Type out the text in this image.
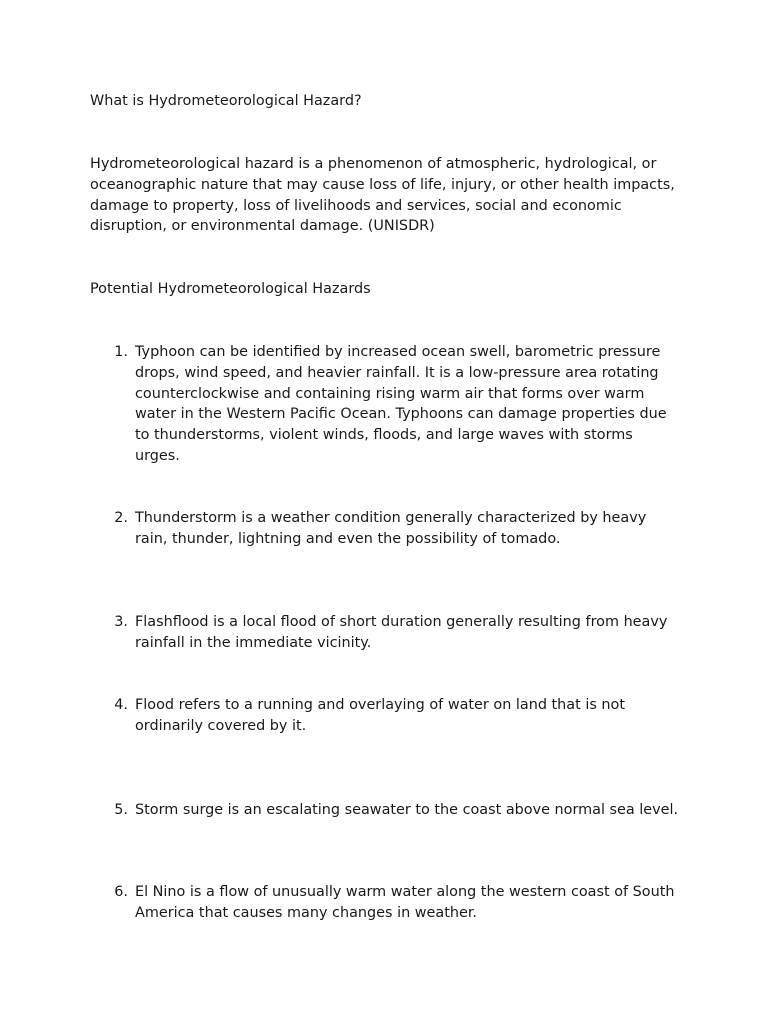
What is Hydrometeorological Hazard?

Hydrometeorological hazard is a phenomenon of atmospheric, hydrological, or oceanographic nature that may cause loss of life, injury, or other health impacts, damage to property, loss of livelihoods and services, social and economic disruption, or environmental damage. (UNISDR)

Potential Hydrometeorological Hazards

1. Typhoon can be identified by increased ocean swell, barometric pressure drops, wind speed, and heavier rainfall. It is a low-pressure area rotating counterclockwise and containing rising warm air that forms over warm water in the Western Pacific Ocean. Typhoons can damage properties due to thunderstorms, violent winds, floods, and large waves with storms urges.
2. Thunderstorm is a weather condition generally characterized by heavy rain, thunder, lightning and even the possibility of tomado.
3. Flashflood is a local flood of short duration generally resulting from heavy rainfall in the immediate vicinity.
4. Flood refers to a running and overlaying of water on land that is not ordinarily covered by it.
5. Storm surge is an escalating seawater to the coast above normal sea level.
6. El Nino is a flow of unusually warm water along the western coast of South America that causes many changes in weather.
